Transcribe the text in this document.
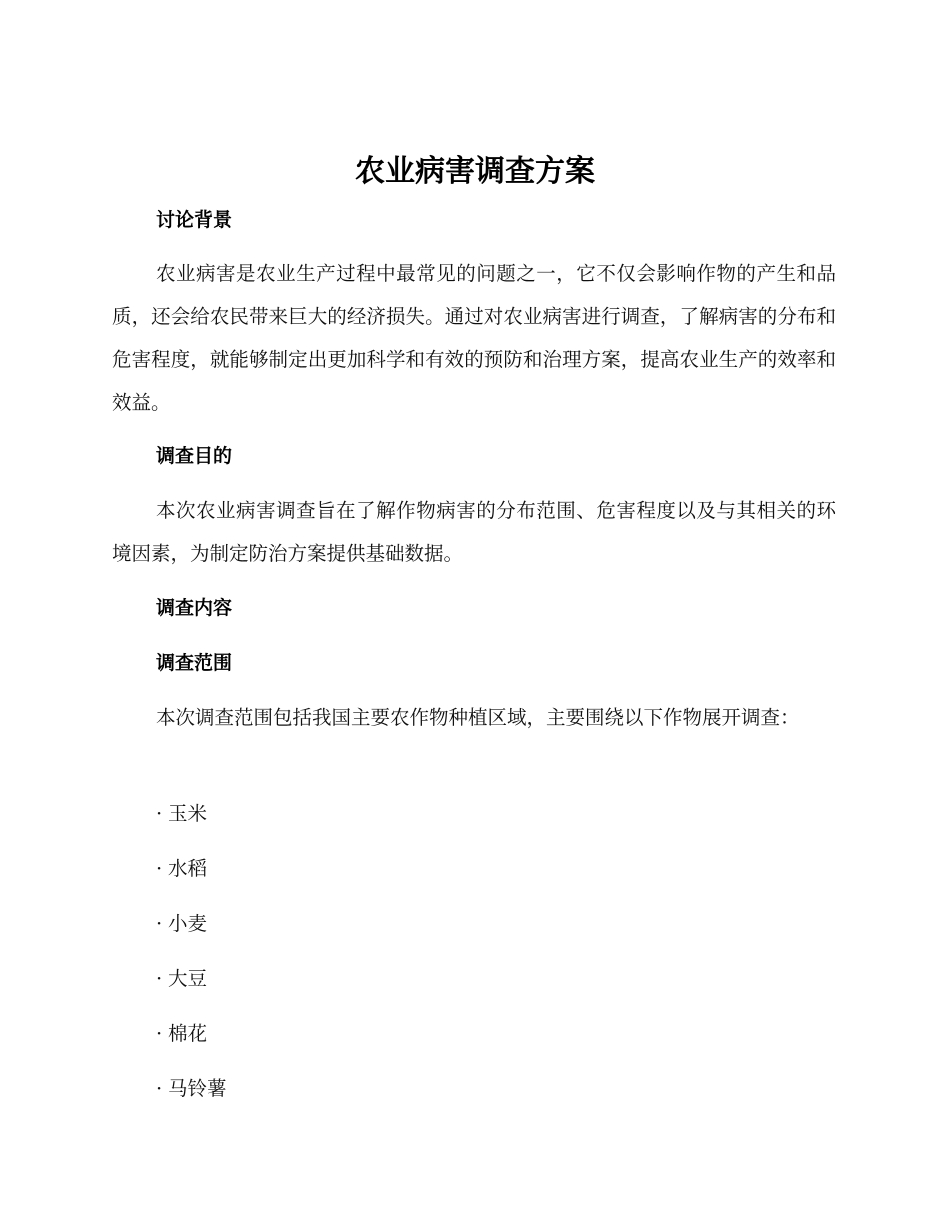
农业病害调查方案
讨论背景

农业病害是农业生产过程中最常见的问题之一，它不仅会影响作物的产生和品质，还会给农民带来巨大的经济损失。通过对农业病害进行调查，了解病害的分布和危害程度，就能够制定出更加科学和有效的预防和治理方案，提高农业生产的效率和效益。

调查目的

本次农业病害调查旨在了解作物病害的分布范围、危害程度以及与其相关的环境因素，为制定防治方案提供基础数据。

调查内容
调查范围

本次调查范围包括我国主要农作物种植区域，主要围绕以下作物展开调查：

· 玉米
· 水稻
· 小麦
· 大豆
· 棉花
· 马铃薯
